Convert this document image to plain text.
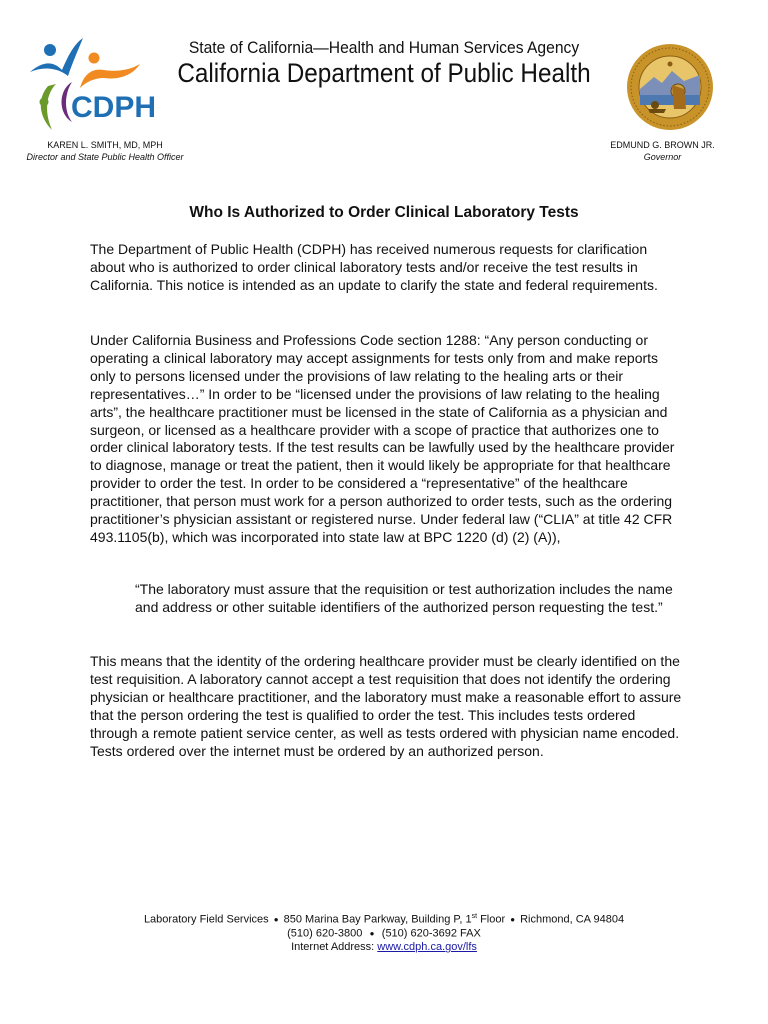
CDPH
State of California—Health and Human Services Agency
California Department of Public Health
KAREN L. SMITH, MD, MPH
Director and State Public Health Officer
EDMUND G. BROWN JR.
Governor
Who Is Authorized to Order Clinical Laboratory Tests

The Department of Public Health (CDPH) has received numerous requests for clarification about who is authorized to order clinical laboratory tests and/or receive the test results in California. This notice is intended as an update to clarify the state and federal requirements.

Under California Business and Professions Code section 1288: “Any person conducting or operating a clinical laboratory may accept assignments for tests only from and make reports only to persons licensed under the provisions of law relating to the healing arts or their representatives…” In order to be “licensed under the provisions of law relating to the healing arts”, the healthcare practitioner must be licensed in the state of California as a physician and surgeon, or licensed as a healthcare provider with a scope of practice that authorizes one to order clinical laboratory tests. If the test results can be lawfully used by the healthcare provider to diagnose, manage or treat the patient, then it would likely be appropriate for that healthcare provider to order the test. In order to be considered a “representative” of the healthcare practitioner, that person must work for a person authorized to order tests, such as the ordering practitioner’s physician assistant or registered nurse. Under federal law (“CLIA” at title 42 CFR 493.1105(b), which was incorporated into state law at BPC 1220 (d) (2) (A)),

“The laboratory must assure that the requisition or test authorization includes the name and address or other suitable identifiers of the authorized person requesting the test.”

This means that the identity of the ordering healthcare provider must be clearly identified on the test requisition. A laboratory cannot accept a test requisition that does not identify the ordering physician or healthcare practitioner, and the laboratory must make a reasonable effort to assure that the person ordering the test is qualified to order the test. This includes tests ordered through a remote patient service center, as well as tests ordered with physician name encoded. Tests ordered over the internet must be ordered by an authorized person.

Laboratory Field Services ● 850 Marina Bay Parkway, Building P, 1st Floor ● Richmond, CA 94804
(510) 620-3800  ●  (510) 620-3692 FAX
Internet Address: www.cdph.ca.gov/lfs
